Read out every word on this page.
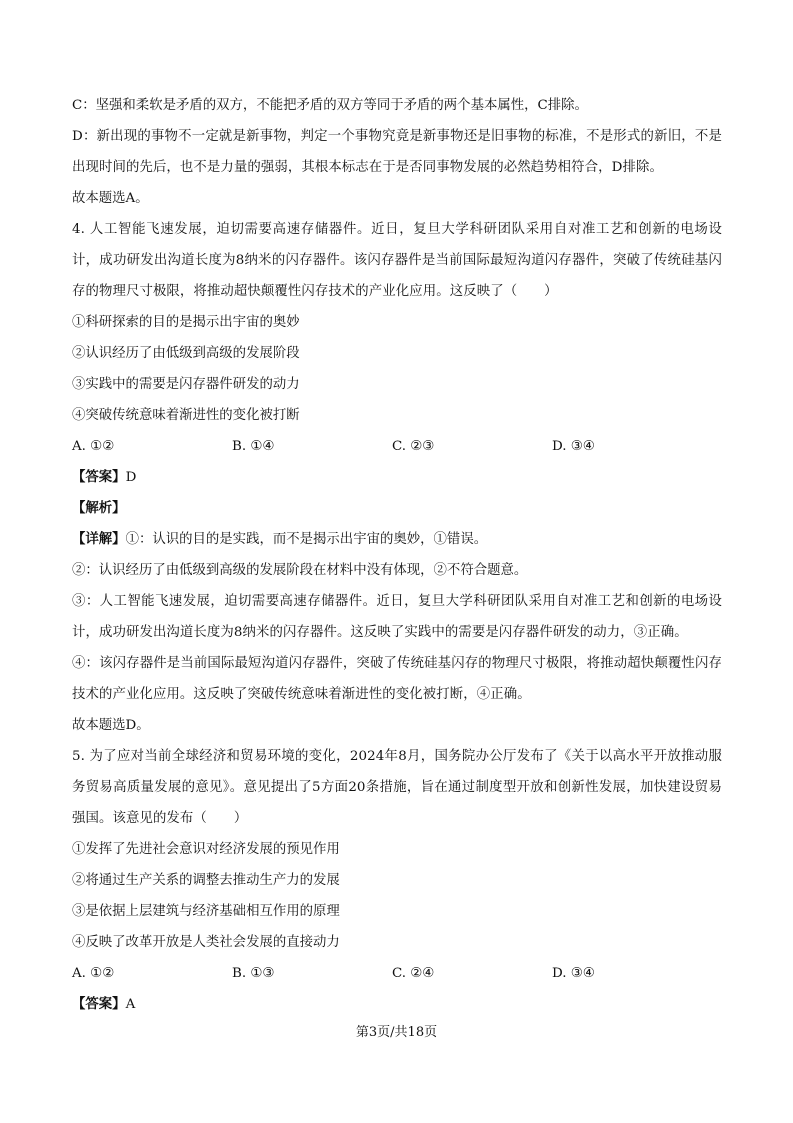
C：坚强和柔软是矛盾的双方，不能把矛盾的双方等同于矛盾的两个基本属性，C排除。
D：新出现的事物不一定就是新事物，判定一个事物究竟是新事物还是旧事物的标准，不是形式的新旧，不是出现时间的先后，也不是力量的强弱，其根本标志在于是否同事物发展的必然趋势相符合，D排除。
故本题选A。
4. 人工智能飞速发展，迫切需要高速存储器件。近日，复旦大学科研团队采用自对准工艺和创新的电场设计，成功研发出沟道长度为8纳米的闪存器件。该闪存器件是当前国际最短沟道闪存器件，突破了传统硅基闪存的物理尺寸极限，将推动超快颠覆性闪存技术的产业化应用。这反映了（　　）
①科研探索的目的是揭示出宇宙的奥妙
②认识经历了由低级到高级的发展阶段
③实践中的需要是闪存器件研发的动力
④突破传统意味着渐进性的变化被打断
A. ①②	B. ①④	C. ②③	D. ③④
【答案】D
【解析】
【详解】①：认识的目的是实践，而不是揭示出宇宙的奥妙，①错误。
②：认识经历了由低级到高级的发展阶段在材料中没有体现，②不符合题意。
③：人工智能飞速发展，迫切需要高速存储器件。近日，复旦大学科研团队采用自对准工艺和创新的电场设计，成功研发出沟道长度为8纳米的闪存器件。这反映了实践中的需要是闪存器件研发的动力，③正确。
④：该闪存器件是当前国际最短沟道闪存器件，突破了传统硅基闪存的物理尺寸极限，将推动超快颠覆性闪存技术的产业化应用。这反映了突破传统意味着渐进性的变化被打断，④正确。
故本题选D。
5. 为了应对当前全球经济和贸易环境的变化，2024年8月，国务院办公厅发布了《关于以高水平开放推动服务贸易高质量发展的意见》。意见提出了5方面20条措施，旨在通过制度型开放和创新性发展，加快建设贸易强国。该意见的发布（　　）
①发挥了先进社会意识对经济发展的预见作用
②将通过生产关系的调整去推动生产力的发展
③是依据上层建筑与经济基础相互作用的原理
④反映了改革开放是人类社会发展的直接动力
A. ①②	B. ①③	C. ②④	D. ③④
【答案】A
第3页/共18页
